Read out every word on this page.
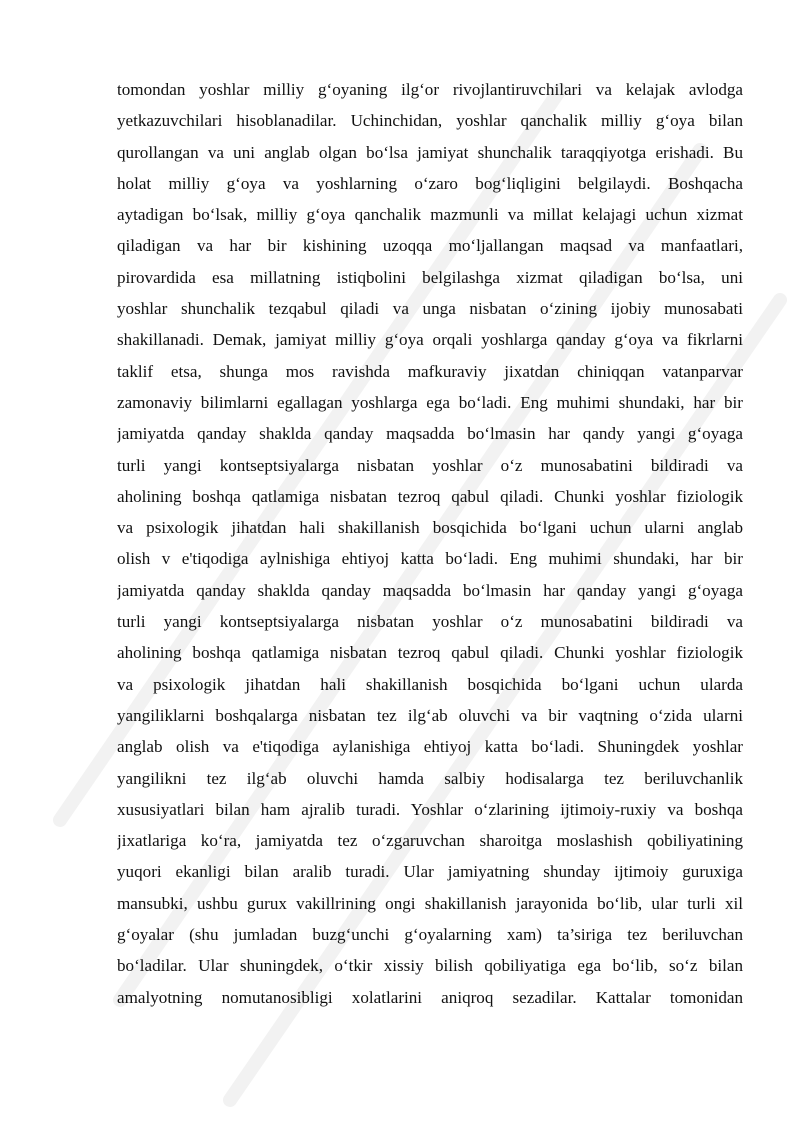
tomondan yoshlar milliy g‘oyaning ilg‘or rivojlantiruvchilari va kelajak avlodga
yetkazuvchilari hisoblanadilar. Uchinchidan, yoshlar qanchalik milliy g‘oya bilan
qurollangan va uni anglab olgan bo‘lsa jamiyat shunchalik taraqqiyotga erishadi. Bu
holat milliy g‘oya va yoshlarning o‘zaro bog‘liqligini belgilaydi. Boshqacha
aytadigan bo‘lsak, milliy g‘oya qanchalik mazmunli va millat kelajagi uchun xizmat
qiladigan va har bir kishining uzoqqa mo‘ljallangan maqsad va manfaatlari,
pirovardida esa millatning istiqbolini belgilashga xizmat qiladigan bo‘lsa, uni
yoshlar shunchalik tezqabul qiladi va unga nisbatan o‘zining ijobiy munosabati
shakillanadi. Demak, jamiyat milliy g‘oya orqali yoshlarga qanday g‘oya va fikrlarni
taklif etsa, shunga mos ravishda mafkuraviy jixatdan chiniqqan vatanparvar
zamonaviy bilimlarni egallagan yoshlarga ega bo‘ladi. Eng muhimi shundaki, har bir
jamiyatda qanday shaklda qanday maqsadda bo‘lmasin har qandy yangi g‘oyaga
turli yangi kontseptsiyalarga nisbatan yoshlar o‘z munosabatini bildiradi va
aholining boshqa qatlamiga nisbatan tezroq qabul qiladi. Chunki yoshlar fiziologik
va psixologik jihatdan hali shakillanish bosqichida bo‘lgani uchun ularni anglab
olish v e'tiqodiga aylnishiga ehtiyoj katta bo‘ladi. Eng muhimi shundaki, har bir
jamiyatda qanday shaklda qanday maqsadda bo‘lmasin har qanday yangi g‘oyaga
turli yangi kontseptsiyalarga nisbatan yoshlar o‘z munosabatini bildiradi va
aholining boshqa qatlamiga nisbatan tezroq qabul qiladi. Chunki yoshlar fiziologik
va psixologik jihatdan hali shakillanish bosqichida bo‘lgani uchun ularda
yangiliklarni boshqalarga nisbatan tez ilg‘ab oluvchi va bir vaqtning o‘zida ularni
anglab olish va e'tiqodiga aylanishiga ehtiyoj katta bo‘ladi. Shuningdek yoshlar
yangilikni tez ilg‘ab oluvchi hamda salbiy hodisalarga tez beriluvchanlik
xususiyatlari bilan ham ajralib turadi. Yoshlar o‘zlarining ijtimoiy-ruxiy va boshqa
jixatlariga ko‘ra, jamiyatda tez o‘zgaruvchan sharoitga moslashish qobiliyatining
yuqori ekanligi bilan aralib turadi. Ular jamiyatning shunday ijtimoiy guruxiga
mansubki, ushbu gurux vakillrining ongi shakillanish jarayonida bo‘lib, ular turli xil
g‘oyalar (shu jumladan buzg‘unchi g‘oyalarning xam) ta’siriga tez beriluvchan
bo‘ladilar. Ular shuningdek, o‘tkir xissiy bilish qobiliyatiga ega bo‘lib, so‘z bilan
amalyotning nomutanosibligi xolatlarini aniqroq sezadilar. Kattalar tomonidan
